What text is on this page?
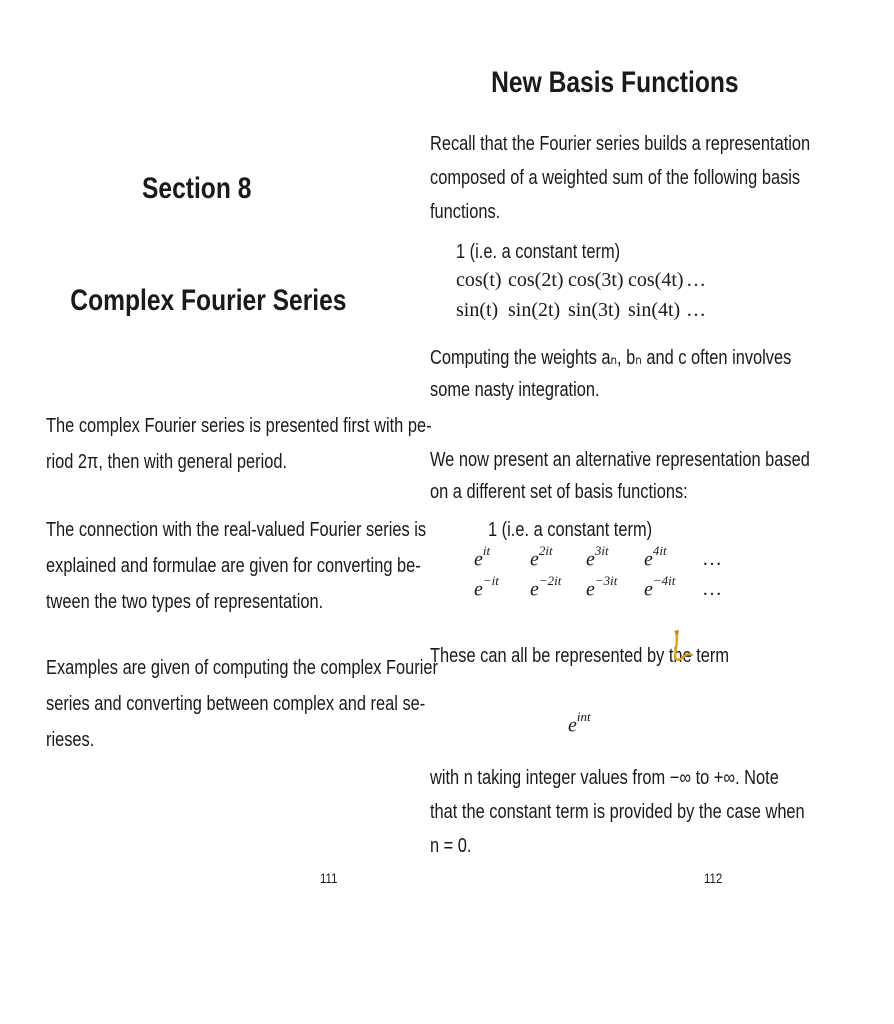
Section 8
Complex Fourier Series
The complex Fourier series is presented first with pe-
riod 2π, then with general period.
The connection with the real-valued Fourier series is
explained and formulae are given for converting be-
tween the two types of representation.
Examples are given of computing the complex Fourier
series and converting between complex and real se-
rieses.
111
New Basis Functions
Recall that the Fourier series builds a representation
composed of a weighted sum of the following basis
functions.
1 (i.e. a constant term)
cos(t) cos(2t) cos(3t) cos(4t) …
sin(t) sin(2t) sin(3t) sin(4t) …
Computing the weights aₙ, bₙ and c often involves
some nasty integration.
We now present an alternative representation based
on a different set of basis functions:
1 (i.e. a constant term)
$e^{it}$ $e^{2it}$ $e^{3it}$ $e^{4it}$ …
$e^{-it}$ $e^{-2it}$ $e^{-3it}$ $e^{-4it}$ …
These can all be represented by the term
$e^{int}$
with n taking integer values from −∞ to +∞. Note
that the constant term is provided by the case when
n = 0.
112
